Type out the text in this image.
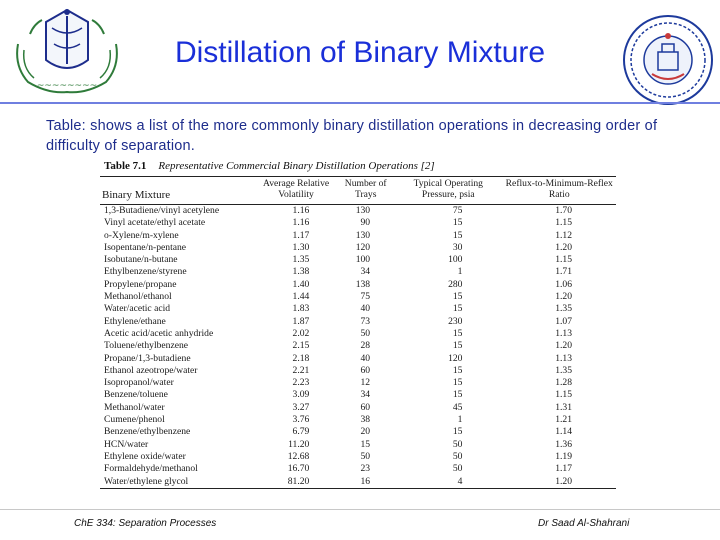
~~~~~~~~
Distillation of Binary Mixture
Table: shows a list of the more commonly binary distillation operations in decreasing order of difficulty of separation.
Table 7.1 Representative Commercial Binary Distillation Operations [2]
Binary Mixture	Average Relative Volatility	Number of Trays	Typical Operating Pressure, psia	Reflux-to-Minimum-Reflex Ratio
1,3-Butadiene/vinyl acetylene	1.16	130	75	1.70
Vinyl acetate/ethyl acetate	1.16	90	15	1.15
o-Xylene/m-xylene	1.17	130	15	1.12
Isopentane/n-pentane	1.30	120	30	1.20
Isobutane/n-butane	1.35	100	100	1.15
Ethylbenzene/styrene	1.38	34	1	1.71
Propylene/propane	1.40	138	280	1.06
Methanol/ethanol	1.44	75	15	1.20
Water/acetic acid	1.83	40	15	1.35
Ethylene/ethane	1.87	73	230	1.07
Acetic acid/acetic anhydride	2.02	50	15	1.13
Toluene/ethylbenzene	2.15	28	15	1.20
Propane/1,3-butadiene	2.18	40	120	1.13
Ethanol azeotrope/water	2.21	60	15	1.35
Isopropanol/water	2.23	12	15	1.28
Benzene/toluene	3.09	34	15	1.15
Methanol/water	3.27	60	45	1.31
Cumene/phenol	3.76	38	1	1.21
Benzene/ethylbenzene	6.79	20	15	1.14
HCN/water	11.20	15	50	1.36
Ethylene oxide/water	12.68	50	50	1.19
Formaldehyde/methanol	16.70	23	50	1.17
Water/ethylene glycol	81.20	16	4	1.20
ChE 334: Separation Processes	Dr Saad Al-Shahrani
